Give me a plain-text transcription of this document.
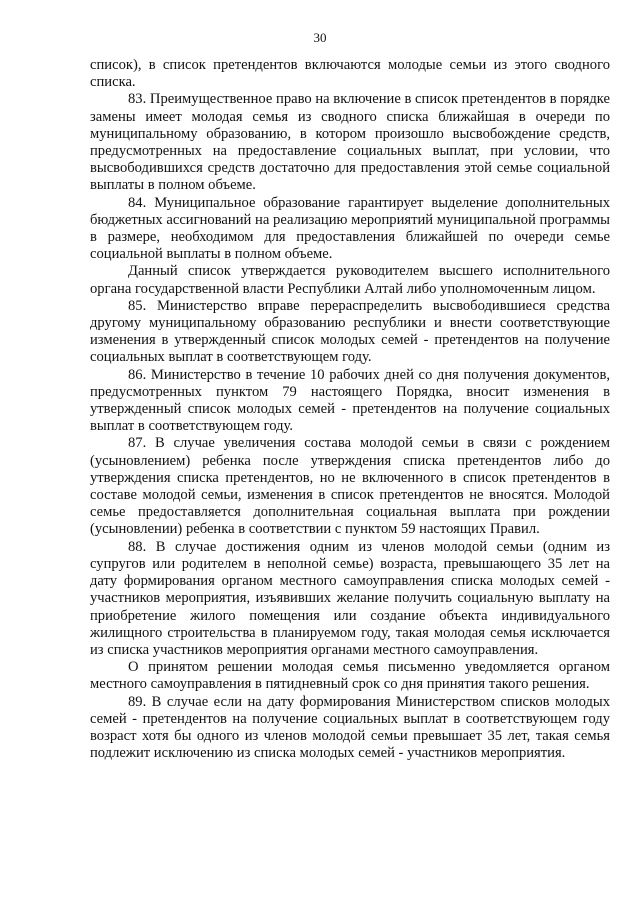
30

список), в список претендентов включаются молодые семьи из этого сводного списка.

83. Преимущественное право на включение в список претендентов в порядке замены имеет молодая семья из сводного списка ближайшая в очереди по муниципальному образованию, в котором произошло высвобождение средств, предусмотренных на предоставление социальных выплат, при условии, что высвободившихся средств достаточно для предоставления этой семье социальной выплаты в полном объеме.

84. Муниципальное образование гарантирует выделение дополнительных бюджетных ассигнований на реализацию мероприятий муниципальной программы в размере, необходимом для предоставления ближайшей по очереди семье социальной выплаты в полном объеме.

Данный список утверждается руководителем высшего исполнительного органа государственной власти Республики Алтай либо уполномоченным лицом.

85. Министерство вправе перераспределить высвободившиеся средства другому муниципальному образованию республики и внести соответствующие изменения в утвержденный список молодых семей - претендентов на получение социальных выплат в соответствующем году.

86. Министерство в течение 10 рабочих дней со дня получения документов, предусмотренных пунктом 79 настоящего Порядка, вносит изменения в утвержденный список молодых семей - претендентов на получение социальных выплат в соответствующем году.

87. В случае увеличения состава молодой семьи в связи с рождением (усыновлением) ребенка после утверждения списка претендентов либо до утверждения списка претендентов, но не включенного в список претендентов в составе молодой семьи, изменения в список претендентов не вносятся. Молодой семье предоставляется дополнительная социальная выплата при рождении (усыновлении) ребенка в соответствии с пунктом 59 настоящих Правил.

88. В случае достижения одним из членов молодой семьи (одним из супругов или родителем в неполной семье) возраста, превышающего 35 лет на дату формирования органом местного самоуправления списка молодых семей - участников мероприятия, изъявивших желание получить социальную выплату на приобретение жилого помещения или создание объекта индивидуального жилищного строительства в планируемом году, такая молодая семья исключается из списка участников мероприятия органами местного самоуправления.

О принятом решении молодая семья письменно уведомляется органом местного самоуправления в пятидневный срок со дня принятия такого решения.

89. В случае если на дату формирования Министерством списков молодых семей - претендентов на получение социальных выплат в соответствующем году возраст хотя бы одного из членов молодой семьи превышает 35 лет, такая семья подлежит исключению из списка молодых семей - участников мероприятия.
